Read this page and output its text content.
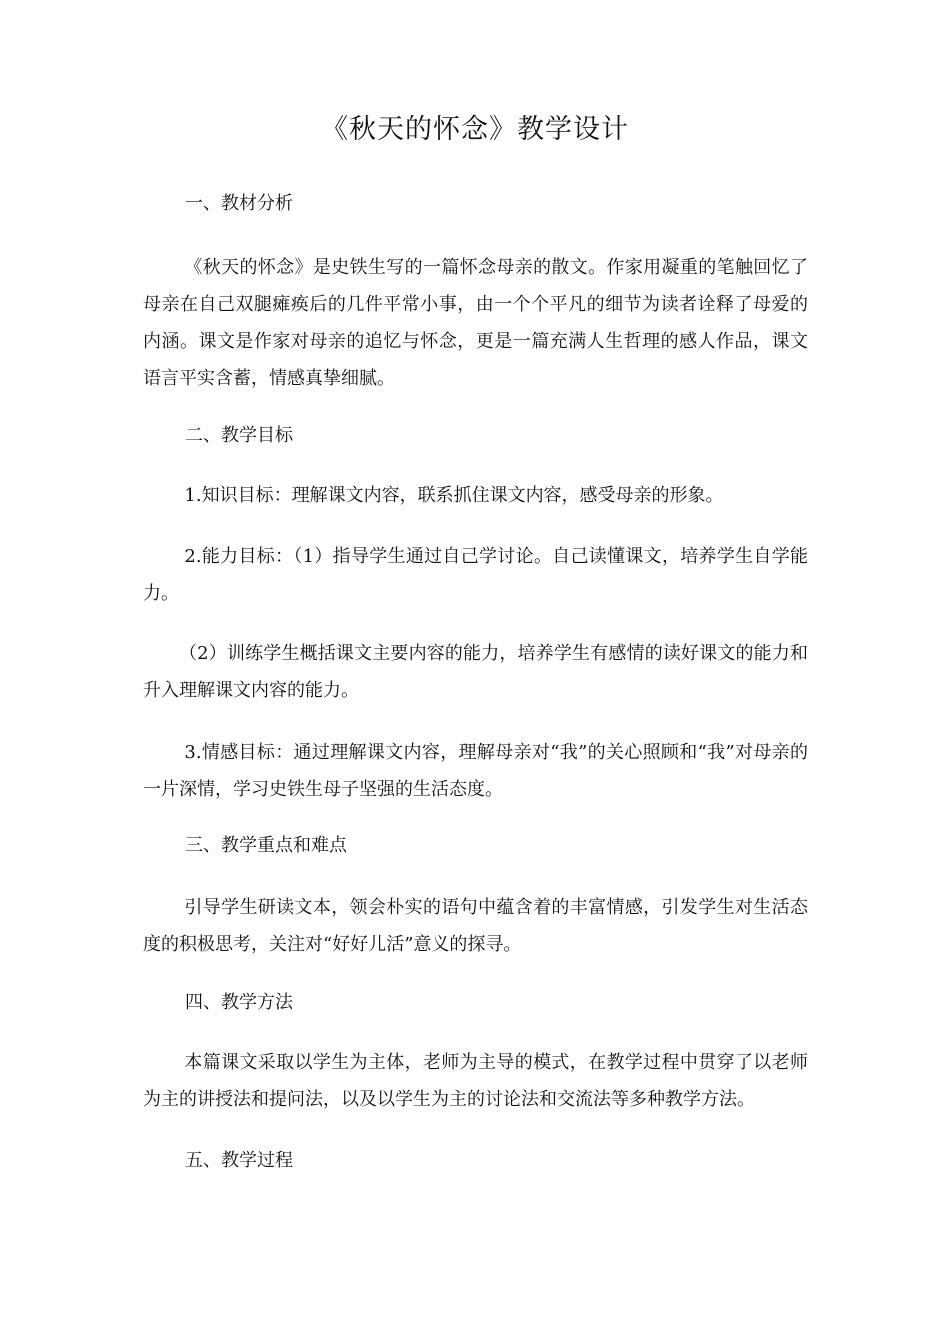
《秋天的怀念》教学设计
一、教材分析

《秋天的怀念》是史铁生写的一篇怀念母亲的散文。作家用凝重的笔触回忆了母亲在自己双腿瘫痪后的几件平常小事，由一个个平凡的细节为读者诠释了母爱的内涵。课文是作家对母亲的追忆与怀念，更是一篇充满人生哲理的感人作品，课文语言平实含蓄，情感真挚细腻。

二、教学目标

1.知识目标：理解课文内容，联系抓住课文内容，感受母亲的形象。

2.能力目标：（1）指导学生通过自己学讨论。自己读懂课文，培养学生自学能力。

（2）训练学生概括课文主要内容的能力，培养学生有感情的读好课文的能力和升入理解课文内容的能力。

3.情感目标：通过理解课文内容，理解母亲对“我”的关心照顾和“我”对母亲的一片深情，学习史铁生母子坚强的生活态度。

三、教学重点和难点

引导学生研读文本，领会朴实的语句中蕴含着的丰富情感，引发学生对生活态度的积极思考，关注对“好好儿活”意义的探寻。

四、教学方法

本篇课文采取以学生为主体，老师为主导的模式，在教学过程中贯穿了以老师为主的讲授法和提问法，以及以学生为主的讨论法和交流法等多种教学方法。

五、教学过程
